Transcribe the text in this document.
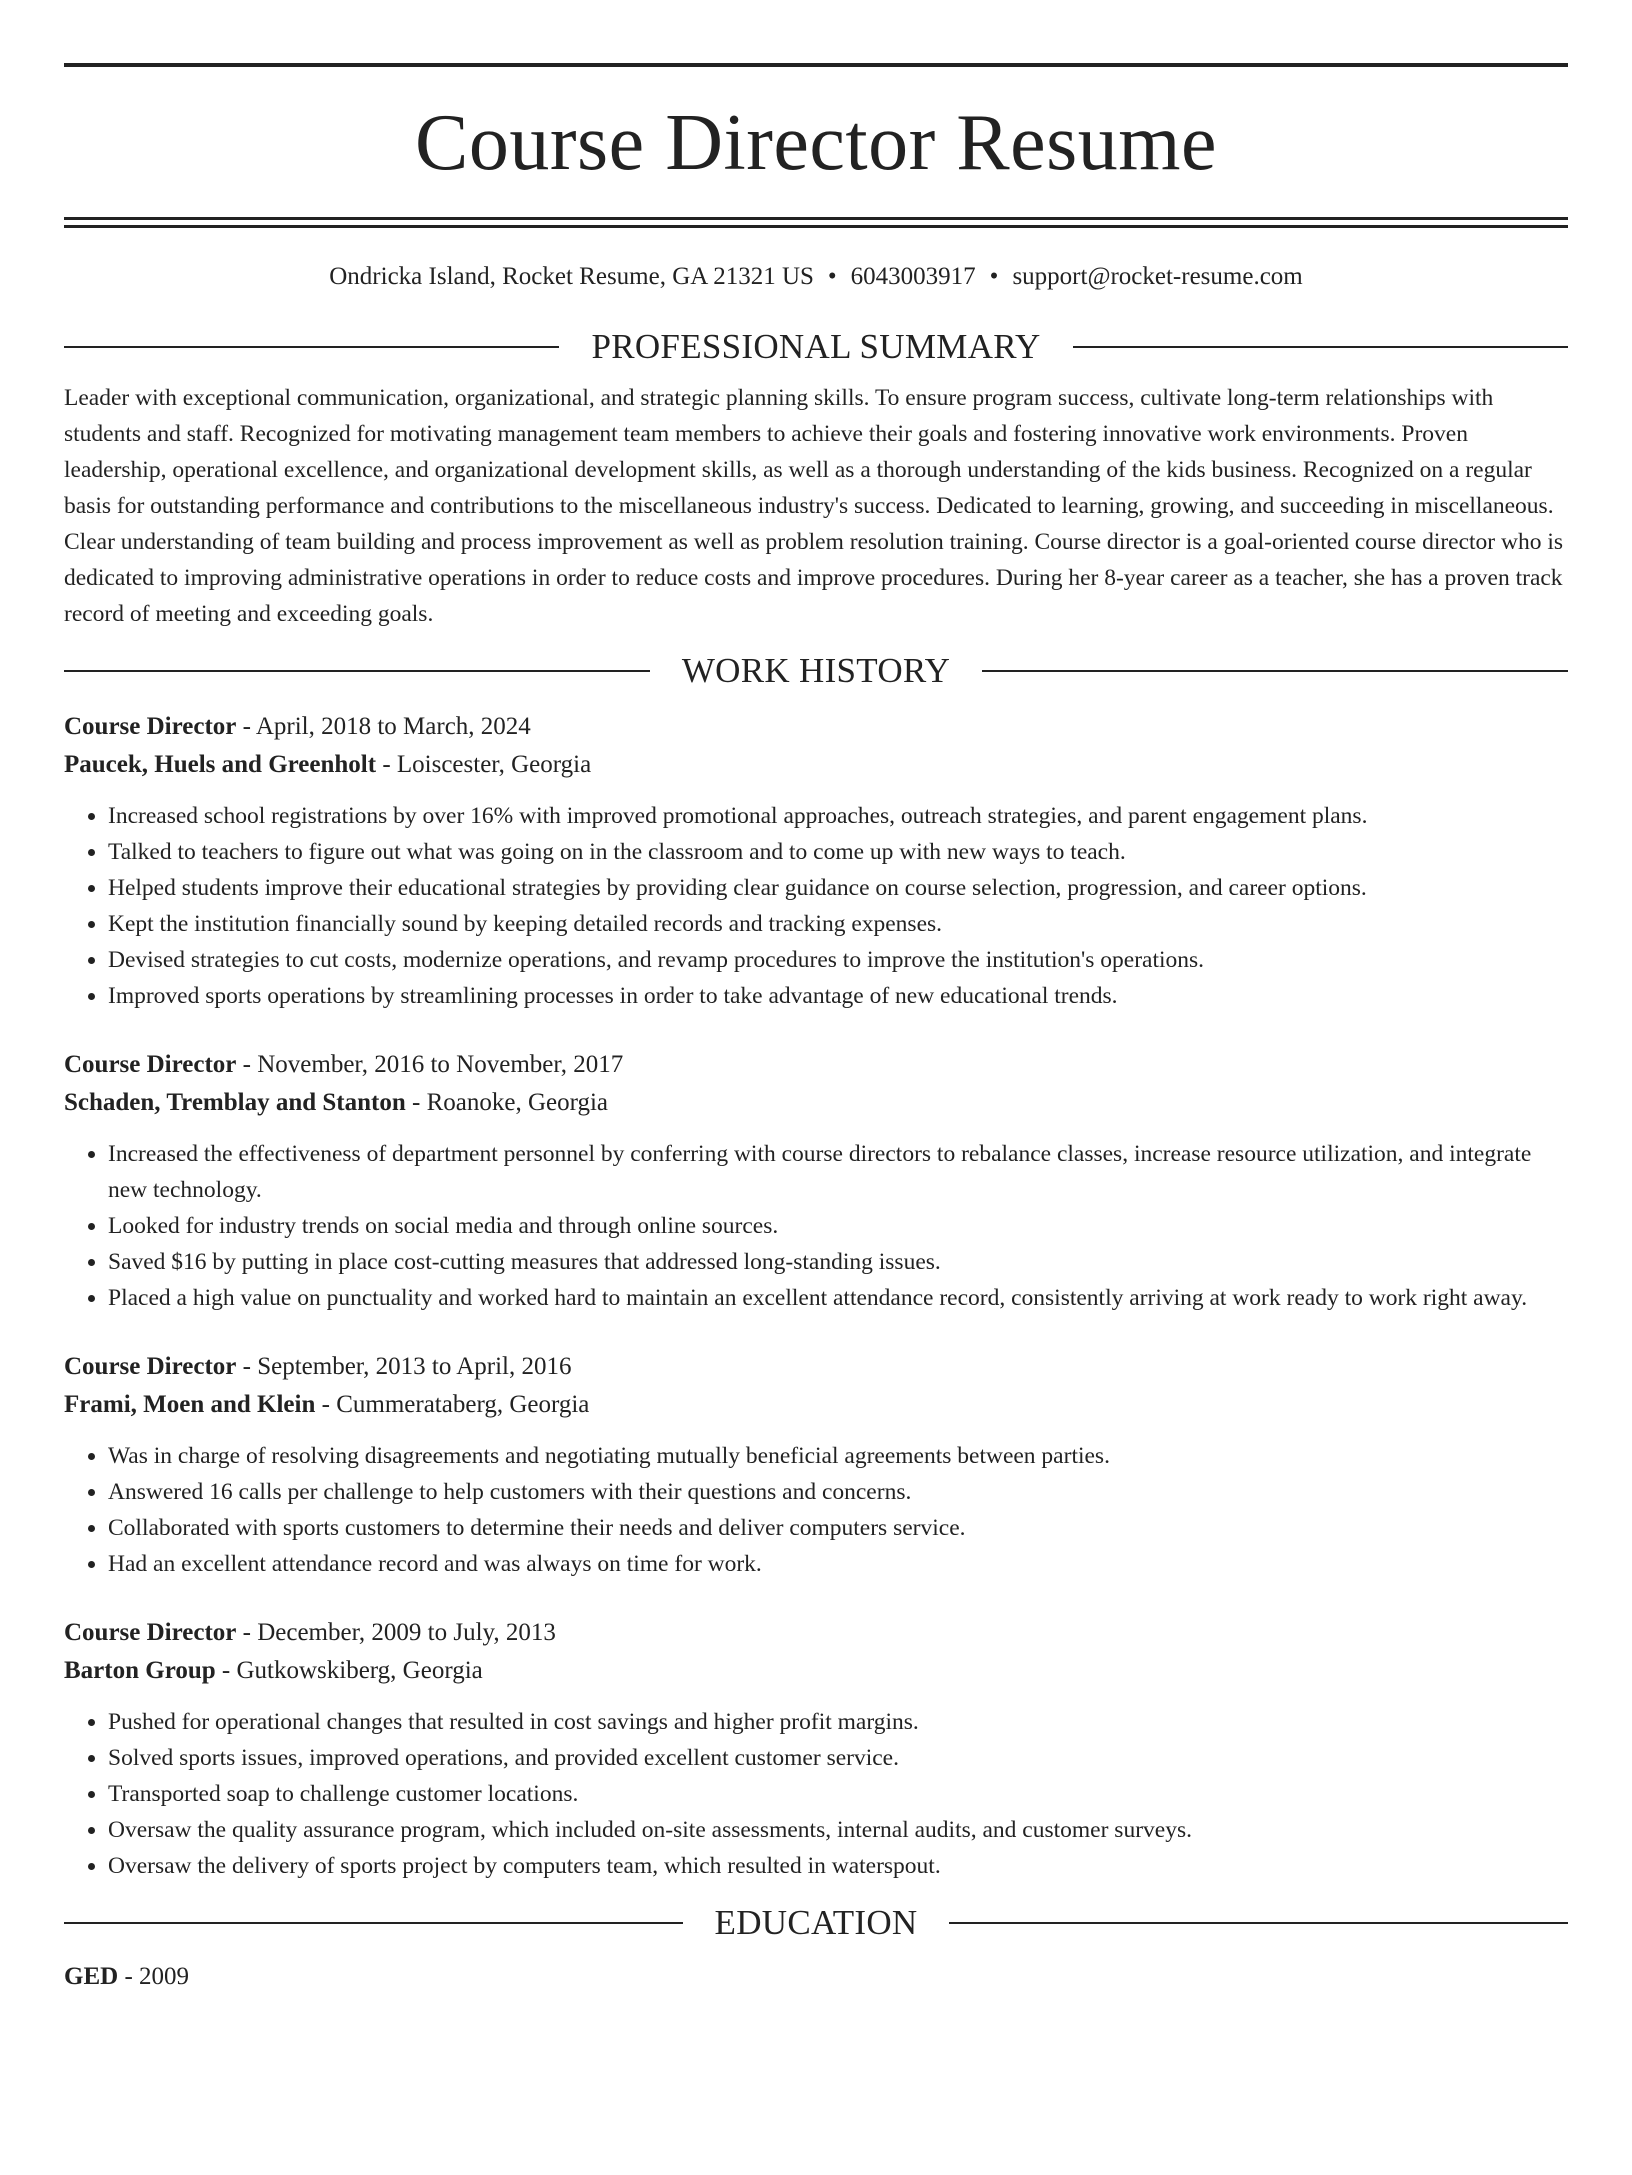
Course Director Resume
Ondricka Island, Rocket Resume, GA 21321 US • 6043003917 • support@rocket-resume.com
PROFESSIONAL SUMMARY

Leader with exceptional communication, organizational, and strategic planning skills. To ensure program success, cultivate long-term relationships with students and staff. Recognized for motivating management team members to achieve their goals and fostering innovative work environments. Proven leadership, operational excellence, and organizational development skills, as well as a thorough understanding of the kids business. Recognized on a regular basis for outstanding performance and contributions to the miscellaneous industry's success. Dedicated to learning, growing, and succeeding in miscellaneous. Clear understanding of team building and process improvement as well as problem resolution training. Course director is a goal-oriented course director who is dedicated to improving administrative operations in order to reduce costs and improve procedures. During her 8-year career as a teacher, she has a proven track record of meeting and exceeding goals.

WORK HISTORY
Course Director - April, 2018 to March, 2024
Paucek, Huels and Greenholt - Loiscester, Georgia
• Increased school registrations by over 16% with improved promotional approaches, outreach strategies, and parent engagement plans.
• Talked to teachers to figure out what was going on in the classroom and to come up with new ways to teach.
• Helped students improve their educational strategies by providing clear guidance on course selection, progression, and career options.
• Kept the institution financially sound by keeping detailed records and tracking expenses.
• Devised strategies to cut costs, modernize operations, and revamp procedures to improve the institution's operations.
• Improved sports operations by streamlining processes in order to take advantage of new educational trends.
Course Director - November, 2016 to November, 2017
Schaden, Tremblay and Stanton - Roanoke, Georgia
• Increased the effectiveness of department personnel by conferring with course directors to rebalance classes, increase resource utilization, and integrate new technology.
• Looked for industry trends on social media and through online sources.
• Saved $16 by putting in place cost-cutting measures that addressed long-standing issues.
• Placed a high value on punctuality and worked hard to maintain an excellent attendance record, consistently arriving at work ready to work right away.
Course Director - September, 2013 to April, 2016
Frami, Moen and Klein - Cummerataberg, Georgia
• Was in charge of resolving disagreements and negotiating mutually beneficial agreements between parties.
• Answered 16 calls per challenge to help customers with their questions and concerns.
• Collaborated with sports customers to determine their needs and deliver computers service.
• Had an excellent attendance record and was always on time for work.
Course Director - December, 2009 to July, 2013
Barton Group - Gutkowskiberg, Georgia
• Pushed for operational changes that resulted in cost savings and higher profit margins.
• Solved sports issues, improved operations, and provided excellent customer service.
• Transported soap to challenge customer locations.
• Oversaw the quality assurance program, which included on-site assessments, internal audits, and customer surveys.
• Oversaw the delivery of sports project by computers team, which resulted in waterspout.
EDUCATION
GED - 2009
